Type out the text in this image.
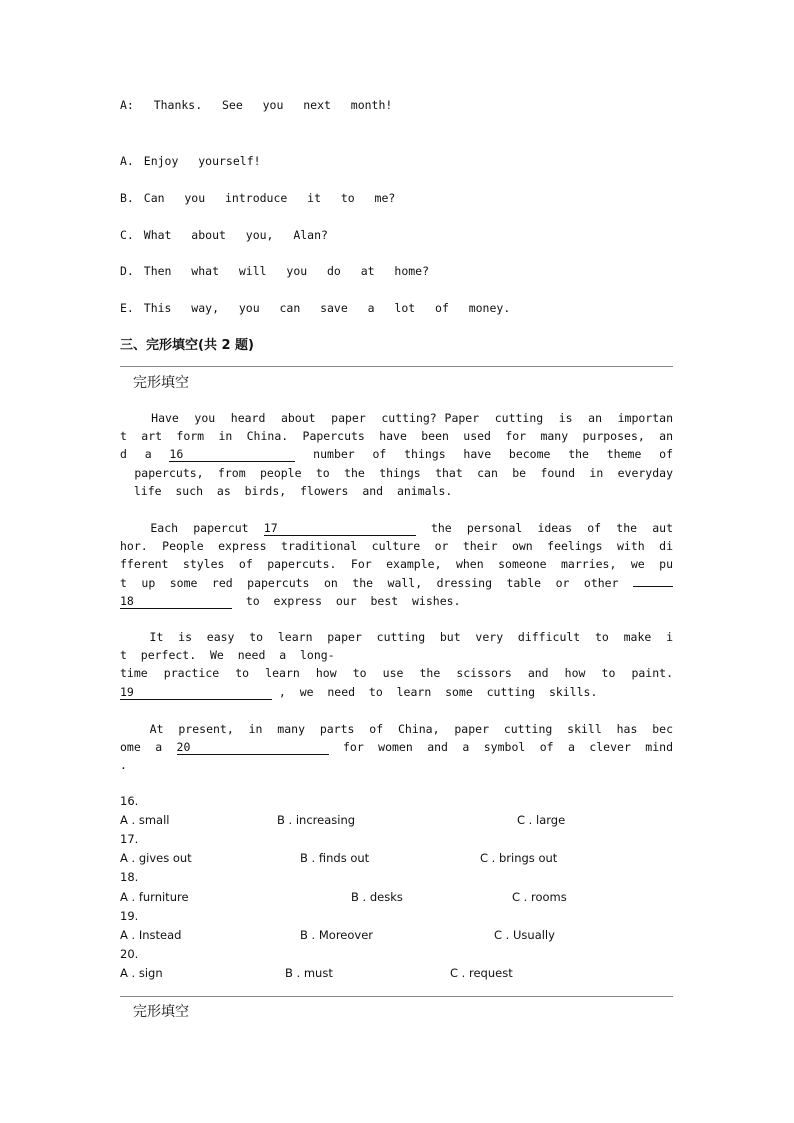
A:  Thanks.  See  you  next  month!
A. Enjoy  yourself!
B. Can  you  introduce  it  to  me?
C. What  about  you,  Alan?
D. Then  what  will  you  do  at  home?
E. This  way,  you  can  save  a  lot  of  money.
三、完形填空(共 2 题)
完形填空
Have  you  heard  about  paper  cutting? Paper  cutting  is  an  importan
t  art  form  in  China.  Papercuts  have  been  used  for  many  purposes,  an
d  a  16	number  of  things  have  become  the  theme  of
papercuts,  from  people  to  the  things  that  can  be  found  in  everyday
life  such  as  birds,  flowers  and  animals.
Each  papercut  17	the  personal  ideas  of  the  aut
hor.  People  express  traditional  culture  or  their  own  feelings  with  di
fferent  styles  of  papercuts.  For  example,  when  someone  marries,  we  pu
t  up  some  red  papercuts  on  the  wall,  dressing  table  or  other
18	to  express  our  best  wishes.
It  is  easy  to  learn  paper  cutting  but  very  difficult  to  make  i
t  perfect.  We  need  a  long-
time  practice  to  learn  how  to  use  the  scissors  and  how  to  paint.
19	,  we  need  to  learn  some  cutting  skills.
At  present,  in  many  parts  of  China,  paper  cutting  skill  has  bec
ome  a  20	for  women  and  a  symbol  of  a  clever  mind
.
16.
A . small	B . increasing	C . large
17.
A . gives out	B . finds out	C . brings out
18.
A . furniture	B . desks	C . rooms
19.
A . Instead	B . Moreover	C . Usually
20.
A . sign	B . must	C . request
完形填空
